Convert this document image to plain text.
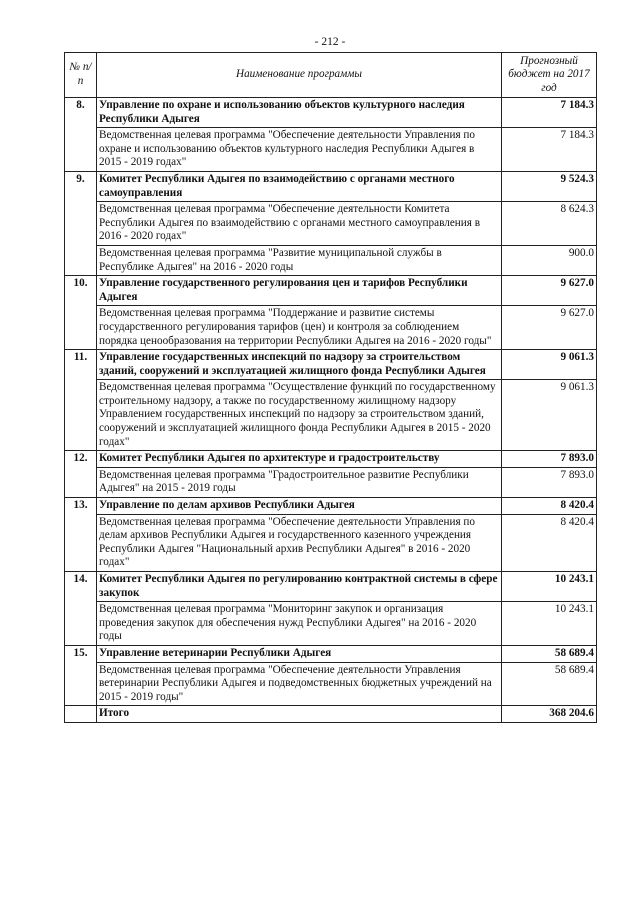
- 212 -
№ п/п	Наименование программы	Прогнозный бюджет на 2017 год
8.	Управление по охране и использованию объектов культурного наследия Республики Адыгея	7 184.3
	Ведомственная целевая программа "Обеспечение деятельности Управления по охране и использованию объектов культурного наследия Республики Адыгея в 2015 - 2019 годах"	7 184.3
9.	Комитет Республики Адыгея по взаимодействию с органами местного самоуправления	9 524.3
	Ведомственная целевая программа "Обеспечение деятельности Комитета Республики Адыгея по взаимодействию с органами местного самоуправления в 2016 - 2020 годах"	8 624.3
	Ведомственная целевая программа "Развитие муниципальной службы в Республике Адыгея" на 2016 - 2020 годы	900.0
10.	Управление государственного регулирования цен и тарифов Республики Адыгея	9 627.0
	Ведомственная целевая программа "Поддержание и развитие системы государственного регулирования тарифов (цен) и контроля за соблюдением порядка ценообразования на территории Республики Адыгея на 2016 - 2020 годы"	9 627.0
11.	Управление государственных инспекций по надзору за строительством зданий, сооружений и эксплуатацией жилищного фонда Республики Адыгея	9 061.3
	Ведомственная целевая программа "Осуществление функций по государственному строительному надзору, а также по государственному жилищному надзору Управлением государственных инспекций по надзору за строительством зданий, сооружений и эксплуатацией жилищного фонда Республики Адыгея в 2015 - 2020 годах"	9 061.3
12.	Комитет Республики Адыгея по архитектуре и градостроительству	7 893.0
	Ведомственная целевая программа "Градостроительное развитие Республики Адыгея" на 2015 - 2019 годы	7 893.0
13.	Управление по делам архивов Республики Адыгея	8 420.4
	Ведомственная целевая программа "Обеспечение деятельности Управления по делам архивов Республики Адыгея и государственного казенного учреждения Республики Адыгея "Национальный архив Республики Адыгея" в 2016 - 2020 годах"	8 420.4
14.	Комитет Республики Адыгея по регулированию контрактной системы в сфере закупок	10 243.1
	Ведомственная целевая программа "Мониторинг закупок и организация проведения закупок для обеспечения нужд Республики Адыгея" на 2016 - 2020 годы	10 243.1
15.	Управление ветеринарии Республики Адыгея	58 689.4
	Ведомственная целевая программа "Обеспечение деятельности Управления ветеринарии Республики Адыгея и подведомственных бюджетных учреждений на 2015 - 2019 годы"	58 689.4
	Итого	368 204.6
